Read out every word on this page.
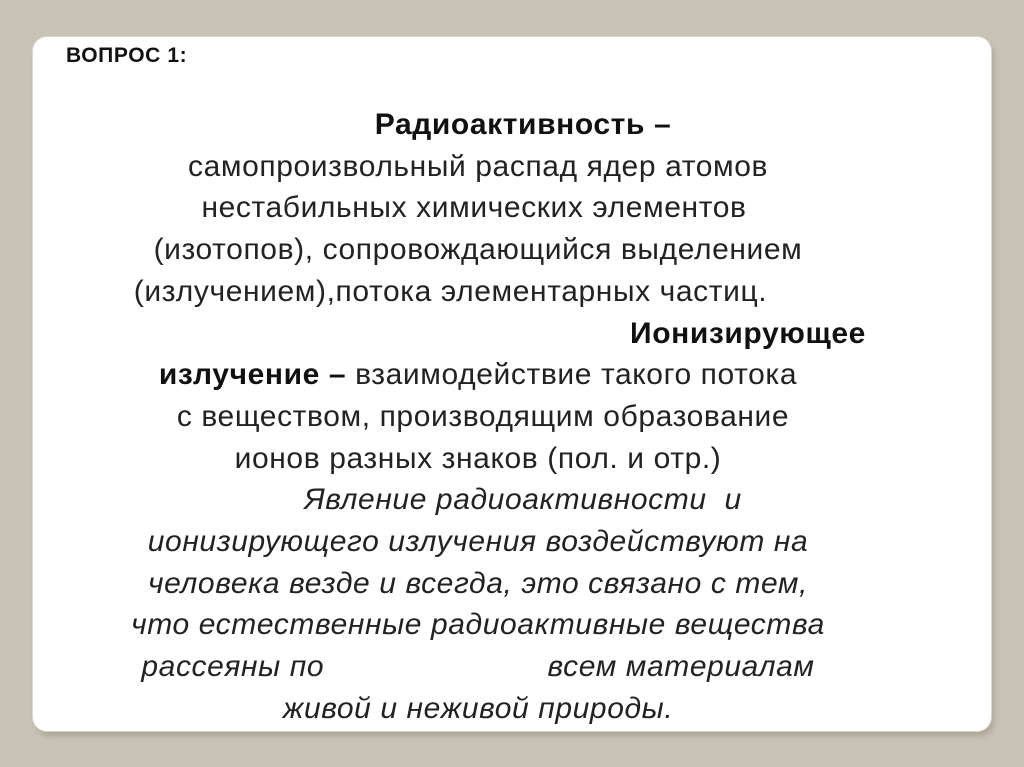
ВОПРОС 1:
Радиоактивность –
самопроизвольный распад ядер атомов
нестабильных химических элементов
(изотопов), сопровождающийся выделением
(излучением),потока элементарных частиц.
Ионизирующее
излучение – взаимодействие такого потока
с веществом, производящим образование
ионов разных знаков (пол. и отр.)
Явление радиоактивности  и
ионизирующего излучения воздействуют на
человека везде и всегда, это связано с тем,
что естественные радиоактивные вещества
рассеяны по                         всем материалам
живой и неживой природы.
